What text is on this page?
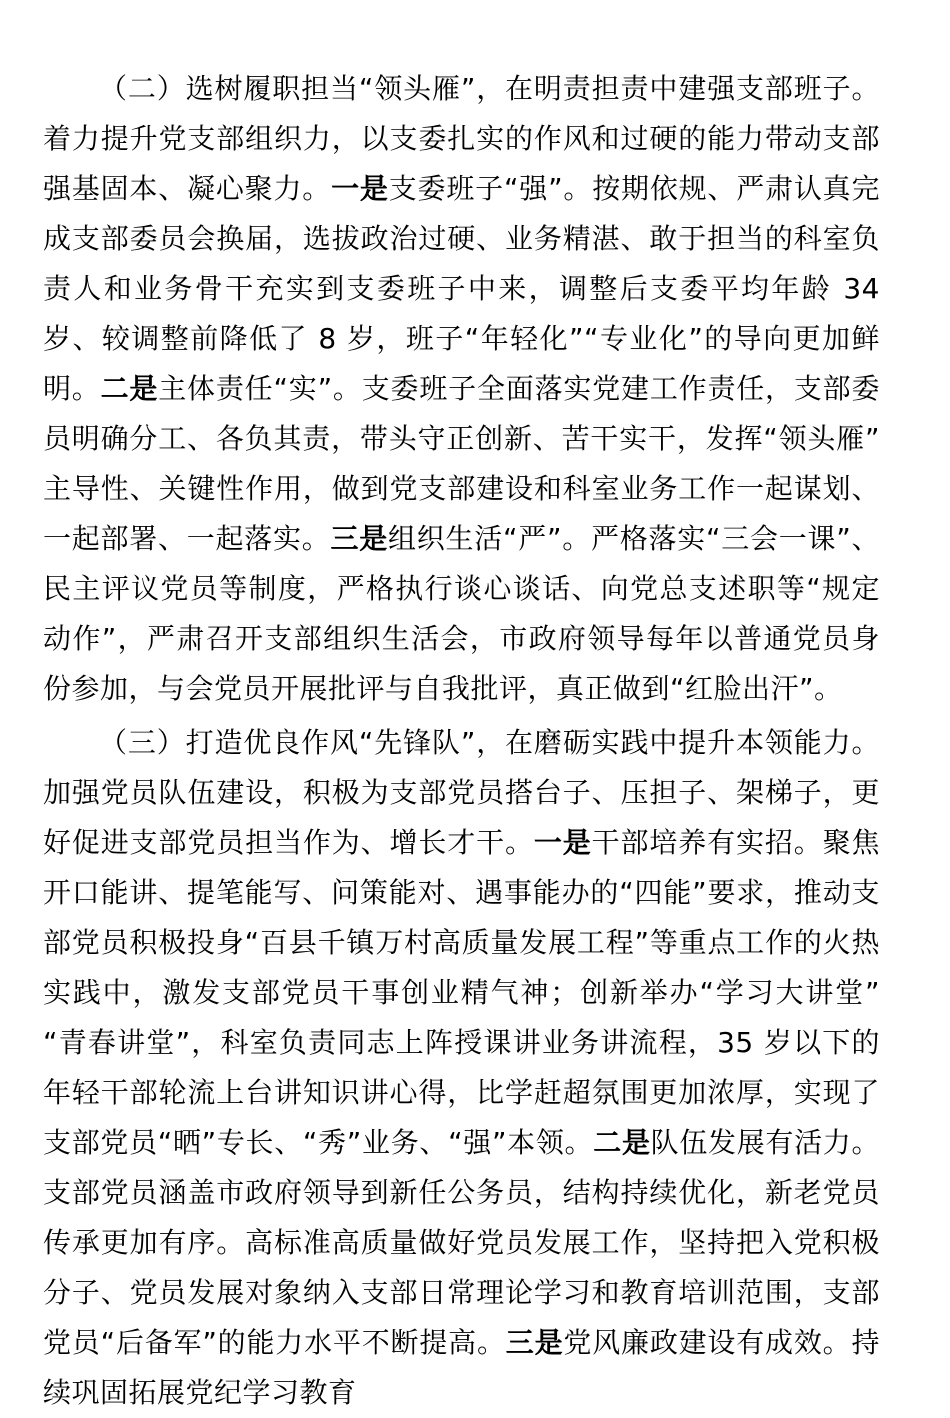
（二）选树履职担当“领头雁”，在明责担责中建强支部班子。着力提升党支部组织力，以支委扎实的作风和过硬的能力带动支部强基固本、凝心聚力。一是支委班子“强”。按期依规、严肃认真完成支部委员会换届，选拔政治过硬、业务精湛、敢于担当的科室负责人和业务骨干充实到支委班子中来，调整后支委平均年龄 34 岁、较调整前降低了 8 岁，班子“年轻化”“专业化”的导向更加鲜明。二是主体责任“实”。支委班子全面落实党建工作责任，支部委员明确分工、各负其责，带头守正创新、苦干实干，发挥“领头雁”主导性、关键性作用，做到党支部建设和科室业务工作一起谋划、一起部署、一起落实。三是组织生活“严”。严格落实“三会一课”、民主评议党员等制度，严格执行谈心谈话、向党总支述职等“规定动作”，严肃召开支部组织生活会，市政府领导每年以普通党员身份参加，与会党员开展批评与自我批评，真正做到“红脸出汗”。

（三）打造优良作风“先锋队”，在磨砺实践中提升本领能力。加强党员队伍建设，积极为支部党员搭台子、压担子、架梯子，更好促进支部党员担当作为、增长才干。一是干部培养有实招。聚焦开口能讲、提笔能写、问策能对、遇事能办的“四能”要求，推动支部党员积极投身“百县千镇万村高质量发展工程”等重点工作的火热实践中，激发支部党员干事创业精气神；创新举办“学习大讲堂”“青春讲堂”，科室负责同志上阵授课讲业务讲流程，35 岁以下的年轻干部轮流上台讲知识讲心得，比学赶超氛围更加浓厚，实现了支部党员“晒”专长、“秀”业务、“强”本领。二是队伍发展有活力。支部党员涵盖市政府领导到新任公务员，结构持续优化，新老党员传承更加有序。高标准高质量做好党员发展工作，坚持把入党积极分子、党员发展对象纳入支部日常理论学习和教育培训范围，支部党员“后备军”的能力水平不断提高。三是党风廉政建设有成效。持续巩固拓展党纪学习教育
